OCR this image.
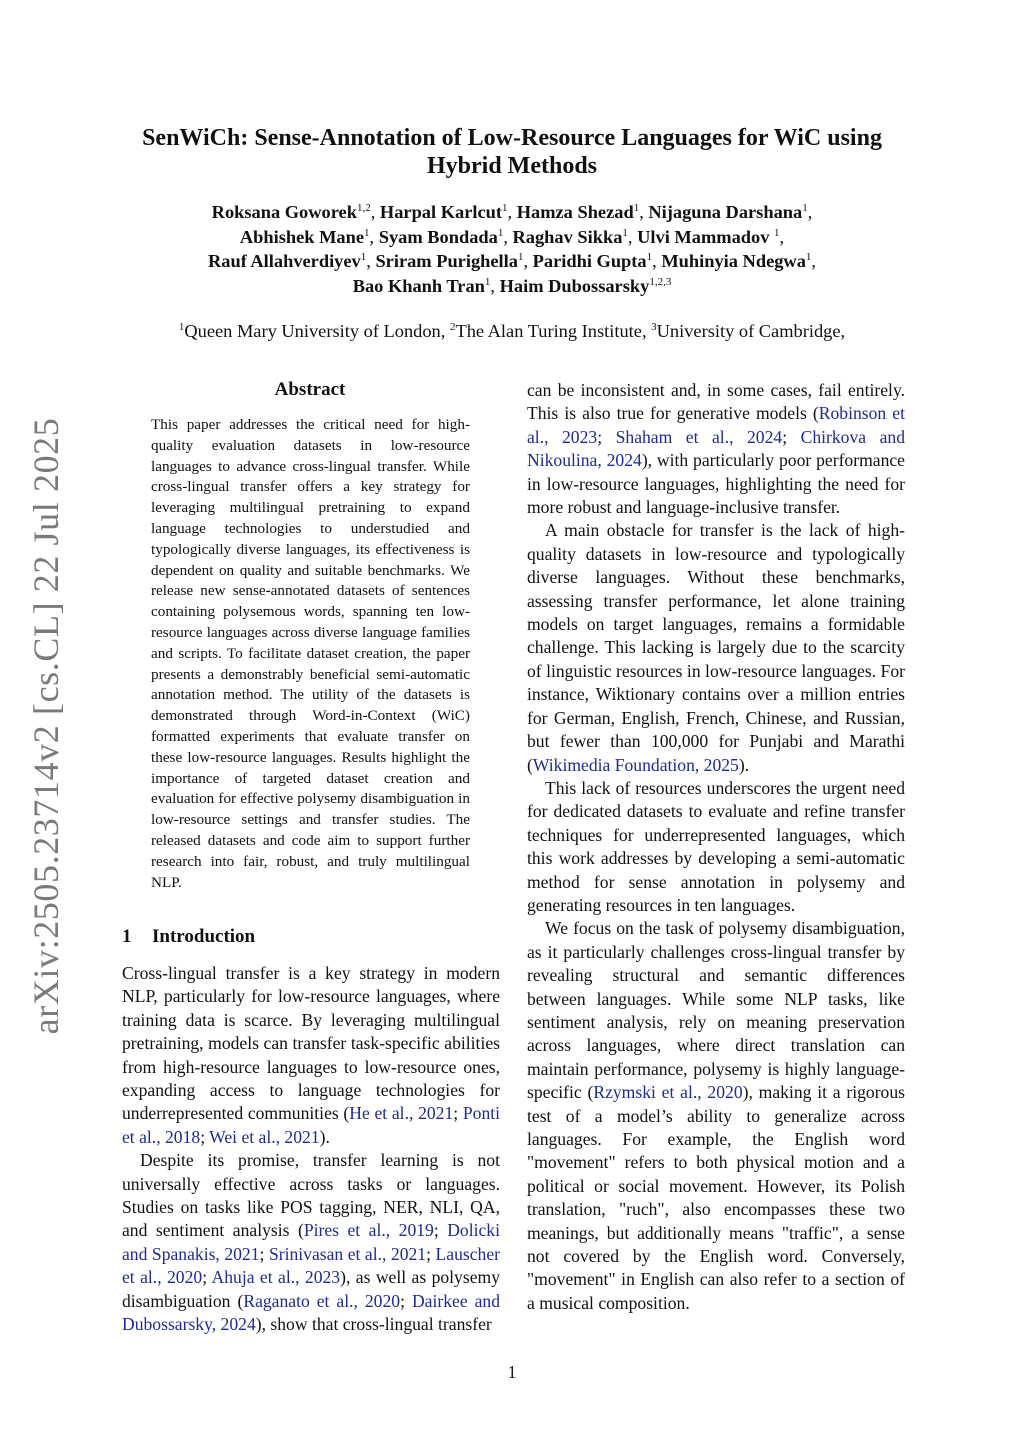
arXiv:2505.23714v2 [cs.CL] 22 Jul 2025
SenWiCh: Sense-Annotation of Low-Resource Languages for WiC using Hybrid Methods
Roksana Goworek$^{1,2}$, Harpal Karlcut$^1$, Hamza Shezad$^1$, Nijaguna Darshana$^1$,
Abhishek Mane$^1$, Syam Bondada$^1$, Raghav Sikka$^1$, Ulvi Mammadov $^1$,
Rauf Allahverdiyev$^1$, Sriram Purighella$^1$, Paridhi Gupta$^1$, Muhinyia Ndegwa$^1$,
Bao Khanh Tran$^1$, Haim Dubossarsky$^{1,2,3}$
$^1$Queen Mary University of London, $^2$The Alan Turing Institute, $^3$University of Cambridge,
Abstract

This paper addresses the critical need for high-quality evaluation datasets in low-resource languages to advance cross-lingual transfer. While cross-lingual transfer offers a key strategy for leveraging multilingual pretraining to expand language technologies to understudied and typologically diverse languages, its effectiveness is dependent on quality and suitable benchmarks. We release new sense-annotated datasets of sentences containing polysemous words, spanning ten low-resource languages across diverse language families and scripts. To facilitate dataset creation, the paper presents a demonstrably beneficial semi-automatic annotation method. The utility of the datasets is demonstrated through Word-in-Context (WiC) formatted experiments that evaluate transfer on these low-resource languages. Results highlight the importance of targeted dataset creation and evaluation for effective polysemy disambiguation in low-resource settings and transfer studies. The released datasets and code aim to support further research into fair, robust, and truly multilingual NLP.

1 Introduction

Cross-lingual transfer is a key strategy in modern NLP, particularly for low-resource languages, where training data is scarce. By leveraging multilingual pretraining, models can transfer task-specific abilities from high-resource languages to low-resource ones, expanding access to language technologies for underrepresented communities (He et al., 2021; Ponti et al., 2018; Wei et al., 2021).

Despite its promise, transfer learning is not universally effective across tasks or languages. Studies on tasks like POS tagging, NER, NLI, QA, and sentiment analysis (Pires et al., 2019; Dolicki and Spanakis, 2021; Srinivasan et al., 2021; Lauscher et al., 2020; Ahuja et al., 2023), as well as polysemy disambiguation (Raganato et al., 2020; Dairkee and Dubossarsky, 2024), show that cross-lingual transfer

can be inconsistent and, in some cases, fail entirely. This is also true for generative models (Robinson et al., 2023; Shaham et al., 2024; Chirkova and Nikoulina, 2024), with particularly poor performance in low-resource languages, highlighting the need for more robust and language-inclusive transfer.

A main obstacle for transfer is the lack of high-quality datasets in low-resource and typologically diverse languages. Without these benchmarks, assessing transfer performance, let alone training models on target languages, remains a formidable challenge. This lacking is largely due to the scarcity of linguistic resources in low-resource languages. For instance, Wiktionary contains over a million entries for German, English, French, Chinese, and Russian, but fewer than 100,000 for Punjabi and Marathi (Wikimedia Foundation, 2025).

This lack of resources underscores the urgent need for dedicated datasets to evaluate and refine transfer techniques for underrepresented languages, which this work addresses by developing a semi-automatic method for sense annotation in polysemy and generating resources in ten languages.

We focus on the task of polysemy disambiguation, as it particularly challenges cross-lingual transfer by revealing structural and semantic differences between languages. While some NLP tasks, like sentiment analysis, rely on meaning preservation across languages, where direct translation can maintain performance, polysemy is highly language-specific (Rzymski et al., 2020), making it a rigorous test of a model’s ability to generalize across languages. For example, the English word "movement" refers to both physical motion and a political or social movement. However, its Polish translation, "ruch", also encompasses these two meanings, but additionally means "traffic", a sense not covered by the English word. Conversely, "movement" in English can also refer to a section of a musical composition.

1
